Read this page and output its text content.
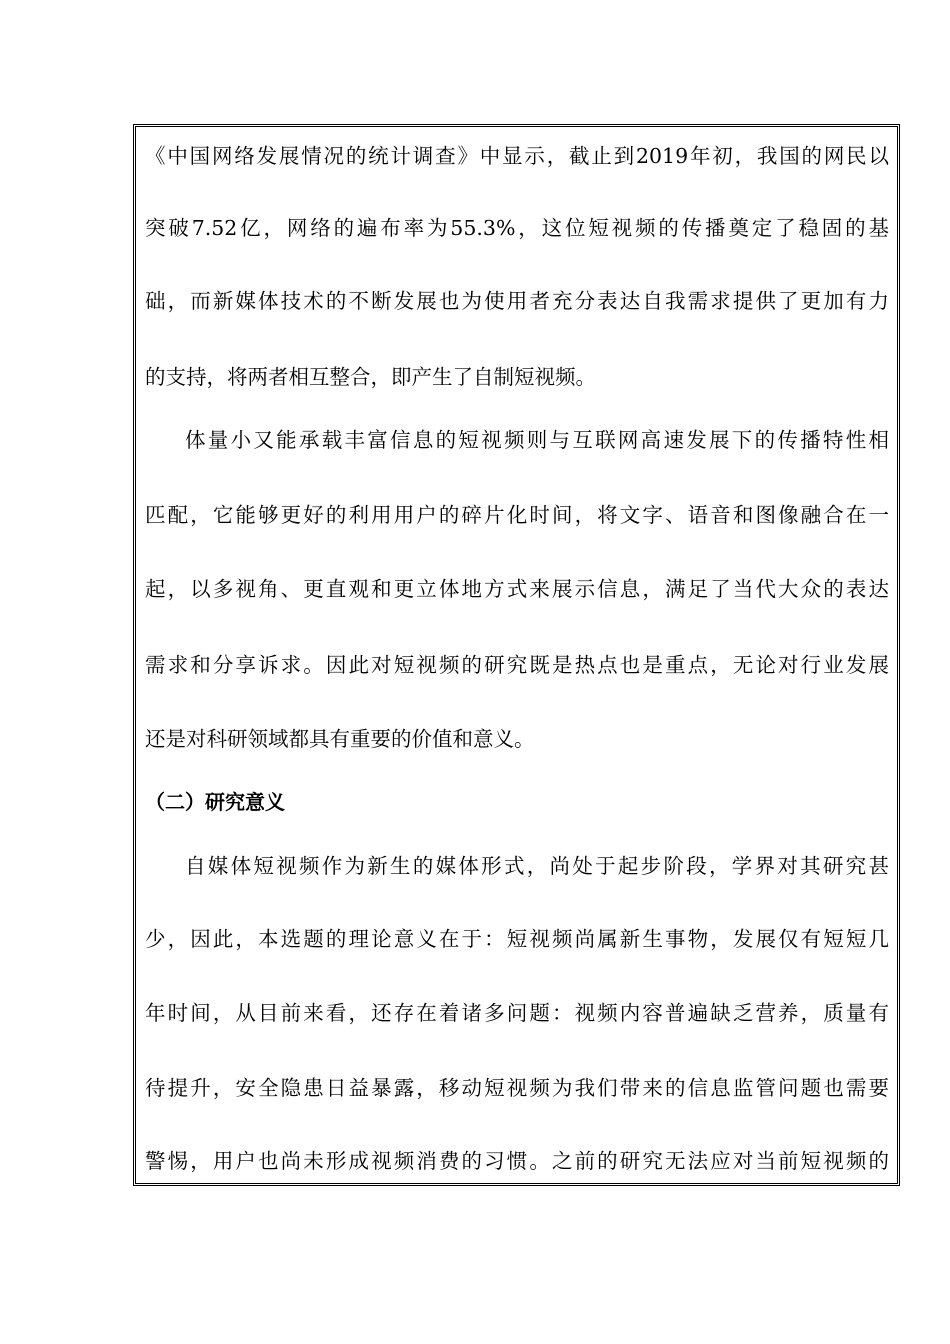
《中国网络发展情况的统计调查》中显示，截止到2019年初，我国的网民以
突破7.52亿，网络的遍布率为55.3%，这位短视频的传播奠定了稳固的基
础，而新媒体技术的不断发展也为使用者充分表达自我需求提供了更加有力
的支持，将两者相互整合，即产生了自制短视频。
体量小又能承载丰富信息的短视频则与互联网高速发展下的传播特性相
匹配，它能够更好的利用用户的碎片化时间，将文字、语音和图像融合在一
起，以多视角、更直观和更立体地方式来展示信息，满足了当代大众的表达
需求和分享诉求。因此对短视频的研究既是热点也是重点，无论对行业发展
还是对科研领域都具有重要的价值和意义。
（二）研究意义
自媒体短视频作为新生的媒体形式，尚处于起步阶段，学界对其研究甚
少，因此，本选题的理论意义在于：短视频尚属新生事物，发展仅有短短几
年时间，从目前来看，还存在着诸多问题：视频内容普遍缺乏营养，质量有
待提升，安全隐患日益暴露，移动短视频为我们带来的信息监管问题也需要
警惕，用户也尚未形成视频消费的习惯。之前的研究无法应对当前短视频的
